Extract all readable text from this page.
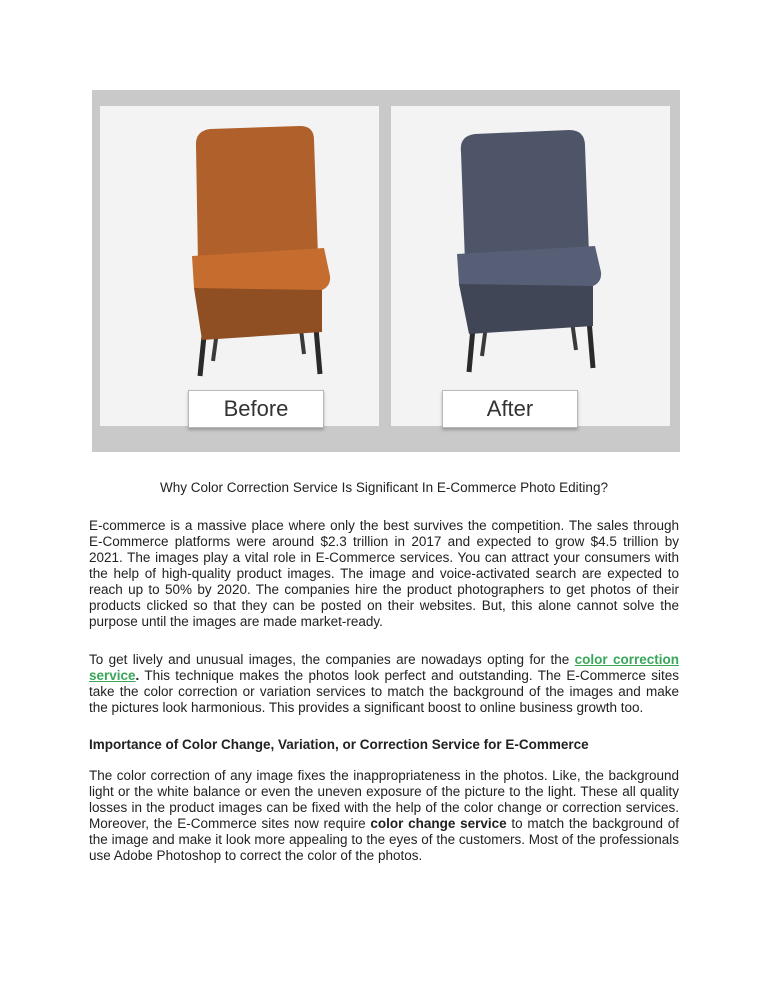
Before	After
Why Color Correction Service Is Significant In E-Commerce Photo Editing?

E-commerce is a massive place where only the best survives the competition. The sales through E-Commerce platforms were around $2.3 trillion in 2017 and expected to grow $4.5 trillion by 2021. The images play a vital role in E-Commerce services. You can attract your consumers with the help of high-quality product images. The image and voice-activated search are expected to reach up to 50% by 2020. The companies hire the product photographers to get photos of their products clicked so that they can be posted on their websites. But, this alone cannot solve the purpose until the images are made market-ready.

To get lively and unusual images, the companies are nowadays opting for the color correction service. This technique makes the photos look perfect and outstanding. The E-Commerce sites take the color correction or variation services to match the background of the images and make the pictures look harmonious. This provides a significant boost to online business growth too.

Importance of Color Change, Variation, or Correction Service for E-Commerce

The color correction of any image fixes the inappropriateness in the photos. Like, the background light or the white balance or even the uneven exposure of the picture to the light. These all quality losses in the product images can be fixed with the help of the color change or correction services. Moreover, the E-Commerce sites now require color change service to match the background of the image and make it look more appealing to the eyes of the customers. Most of the professionals use Adobe Photoshop to correct the color of the photos.
